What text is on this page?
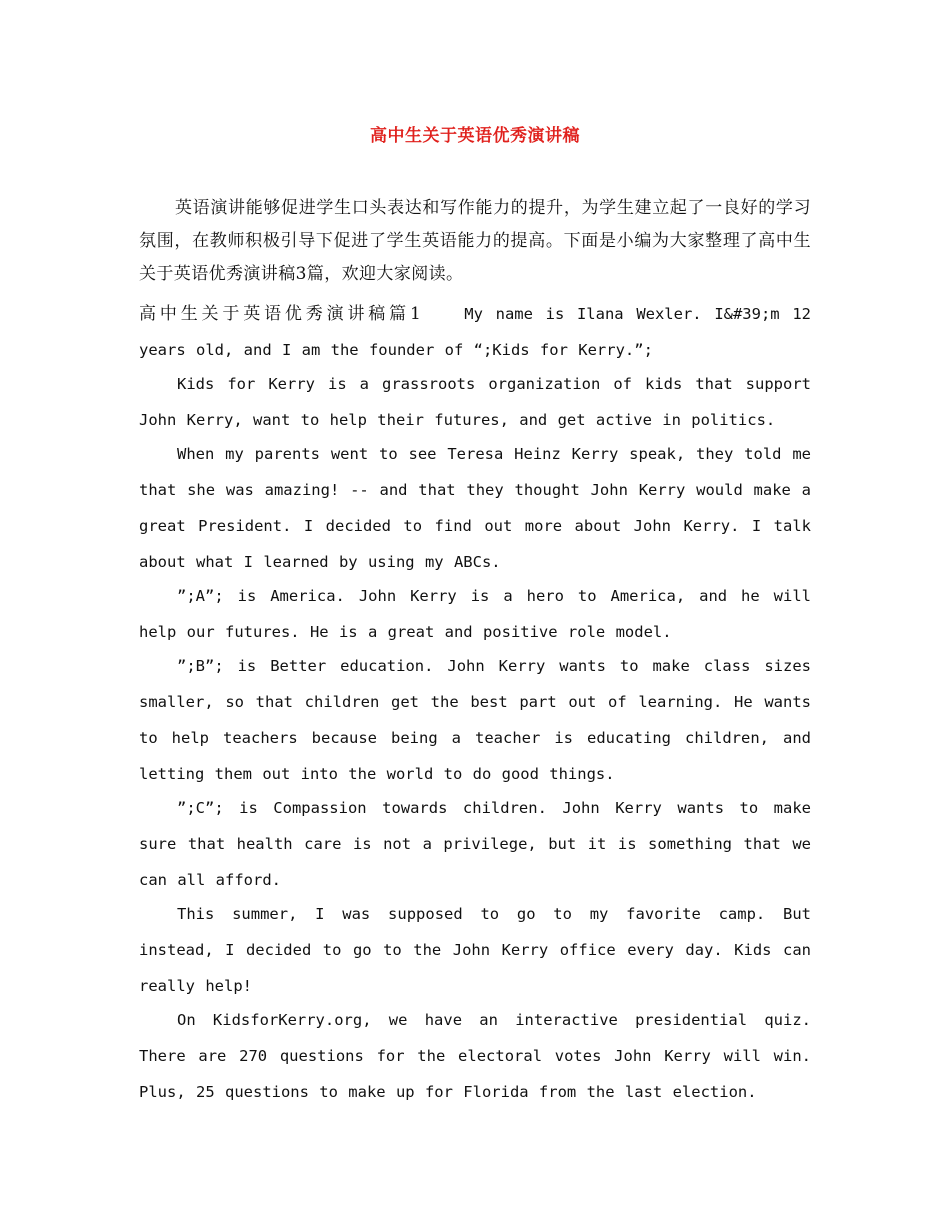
高中生关于英语优秀演讲稿
英语演讲能够促进学生口头表达和写作能力的提升，为学生建立起了一良好的学习氛围，在教师积极引导下促进了学生英语能力的提高。下面是小编为大家整理了高中生关于英语优秀演讲稿3篇，欢迎大家阅读。

高中生关于英语优秀演讲稿篇1	My name is Ilana Wexler. I&#39;m 12 years old, and I am the founder of “;Kids for Kerry.”;

Kids for Kerry is a grassroots organization of kids that support John Kerry, want to help their futures, and get active in politics.

When my parents went to see Teresa Heinz Kerry speak, they told me that she was amazing! -- and that they thought John Kerry would make a great President. I decided to find out more about John Kerry. I talk about what I learned by using my ABCs.

”;A”; is America. John Kerry is a hero to America, and he will help our futures. He is a great and positive role model.

”;B”; is Better education. John Kerry wants to make class sizes smaller, so that children get the best part out of learning. He wants to help teachers because being a teacher is educating children, and letting them out into the world to do good things.

”;C”; is Compassion towards children. John Kerry wants to make sure that health care is not a privilege, but it is something that we can all afford.

This summer, I was supposed to go to my favorite camp. But instead, I decided to go to the John Kerry office every day. Kids can really help!

On KidsforKerry.org, we have an interactive presidential quiz. There are 270 questions for the electoral votes John Kerry will win. Plus, 25 questions to make up for Florida from the last election.
